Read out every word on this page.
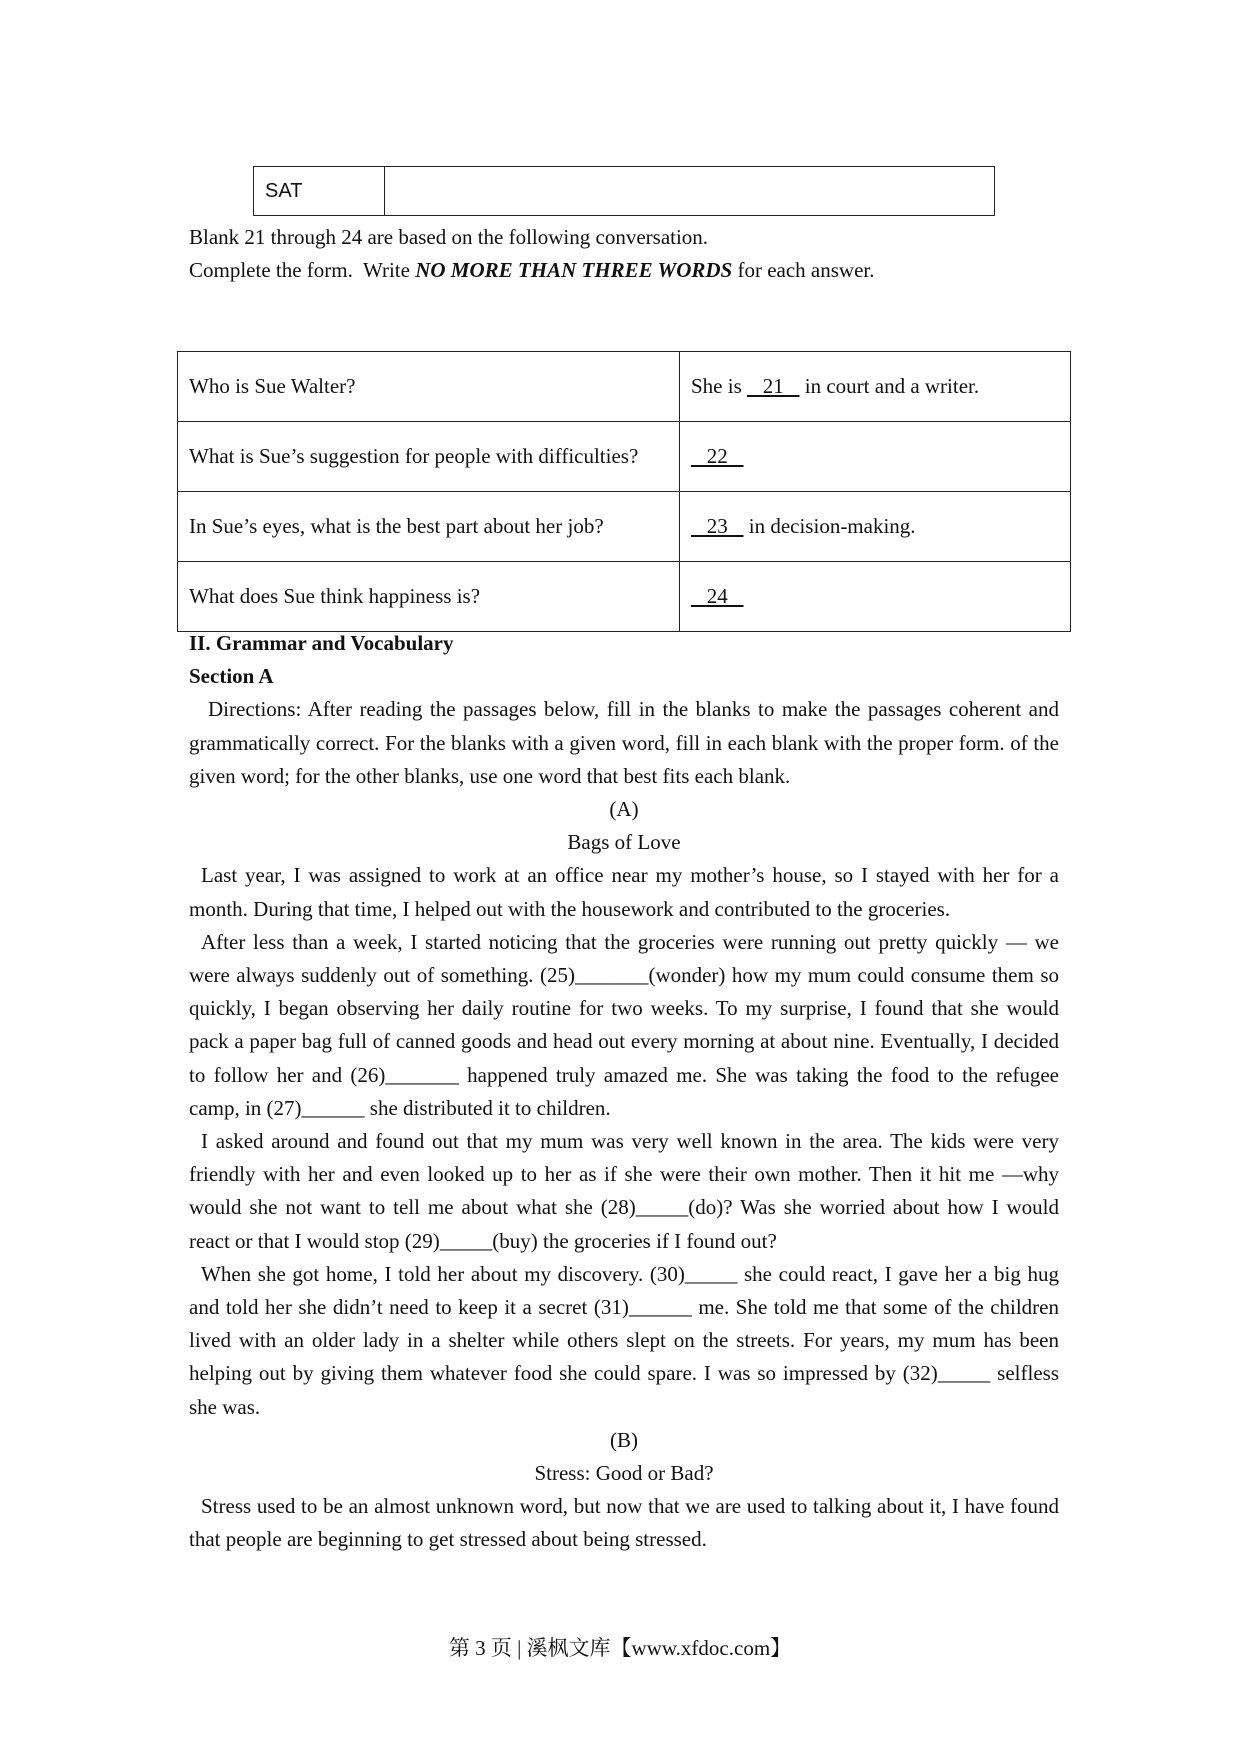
SAT	

Blank 21 through 24 are based on the following conversation.

Complete the form.  Write NO MORE THAN THREE WORDS for each answer.

Who is Sue Walter?	She is    21    in court and a writer.
What is Sue’s suggestion for people with difficulties?	22
In Sue’s eyes, what is the best part about her job?	23    in decision-making.
What does Sue think happiness is?	24

II. Grammar and Vocabulary

Section A

Directions: After reading the passages below, fill in the blanks to make the passages coherent and grammatically correct. For the blanks with a given word, fill in each blank with the proper form. of the given word; for the other blanks, use one word that best fits each blank.

(A)

Bags of Love

Last year, I was assigned to work at an office near my mother’s house, so I stayed with her for a month. During that time, I helped out with the housework and contributed to the groceries.

After less than a week, I started noticing that the groceries were running out pretty quickly — we were always suddenly out of something. (25)_______(wonder) how my mum could consume them so quickly, I began observing her daily routine for two weeks. To my surprise, I found that she would pack a paper bag full of canned goods and head out every morning at about nine. Eventually, I decided to follow her and (26)_______ happened truly amazed me. She was taking the food to the refugee camp, in (27)______ she distributed it to children.

I asked around and found out that my mum was very well known in the area. The kids were very friendly with her and even looked up to her as if she were their own mother. Then it hit me —why would she not want to tell me about what she (28)_____(do)? Was she worried about how I would react or that I would stop (29)_____(buy) the groceries if I found out?

When she got home, I told her about my discovery. (30)_____ she could react, I gave her a big hug and told her she didn’t need to keep it a secret (31)______ me. She told me that some of the children lived with an older lady in a shelter while others slept on the streets. For years, my mum has been helping out by giving them whatever food she could spare. I was so impressed by (32)_____ selfless she was.

(B)

Stress: Good or Bad?

Stress used to be an almost unknown word, but now that we are used to talking about it, I have found that people are beginning to get stressed about being stressed.

第 3 页 | 溪枫文库【www.xfdoc.com】
